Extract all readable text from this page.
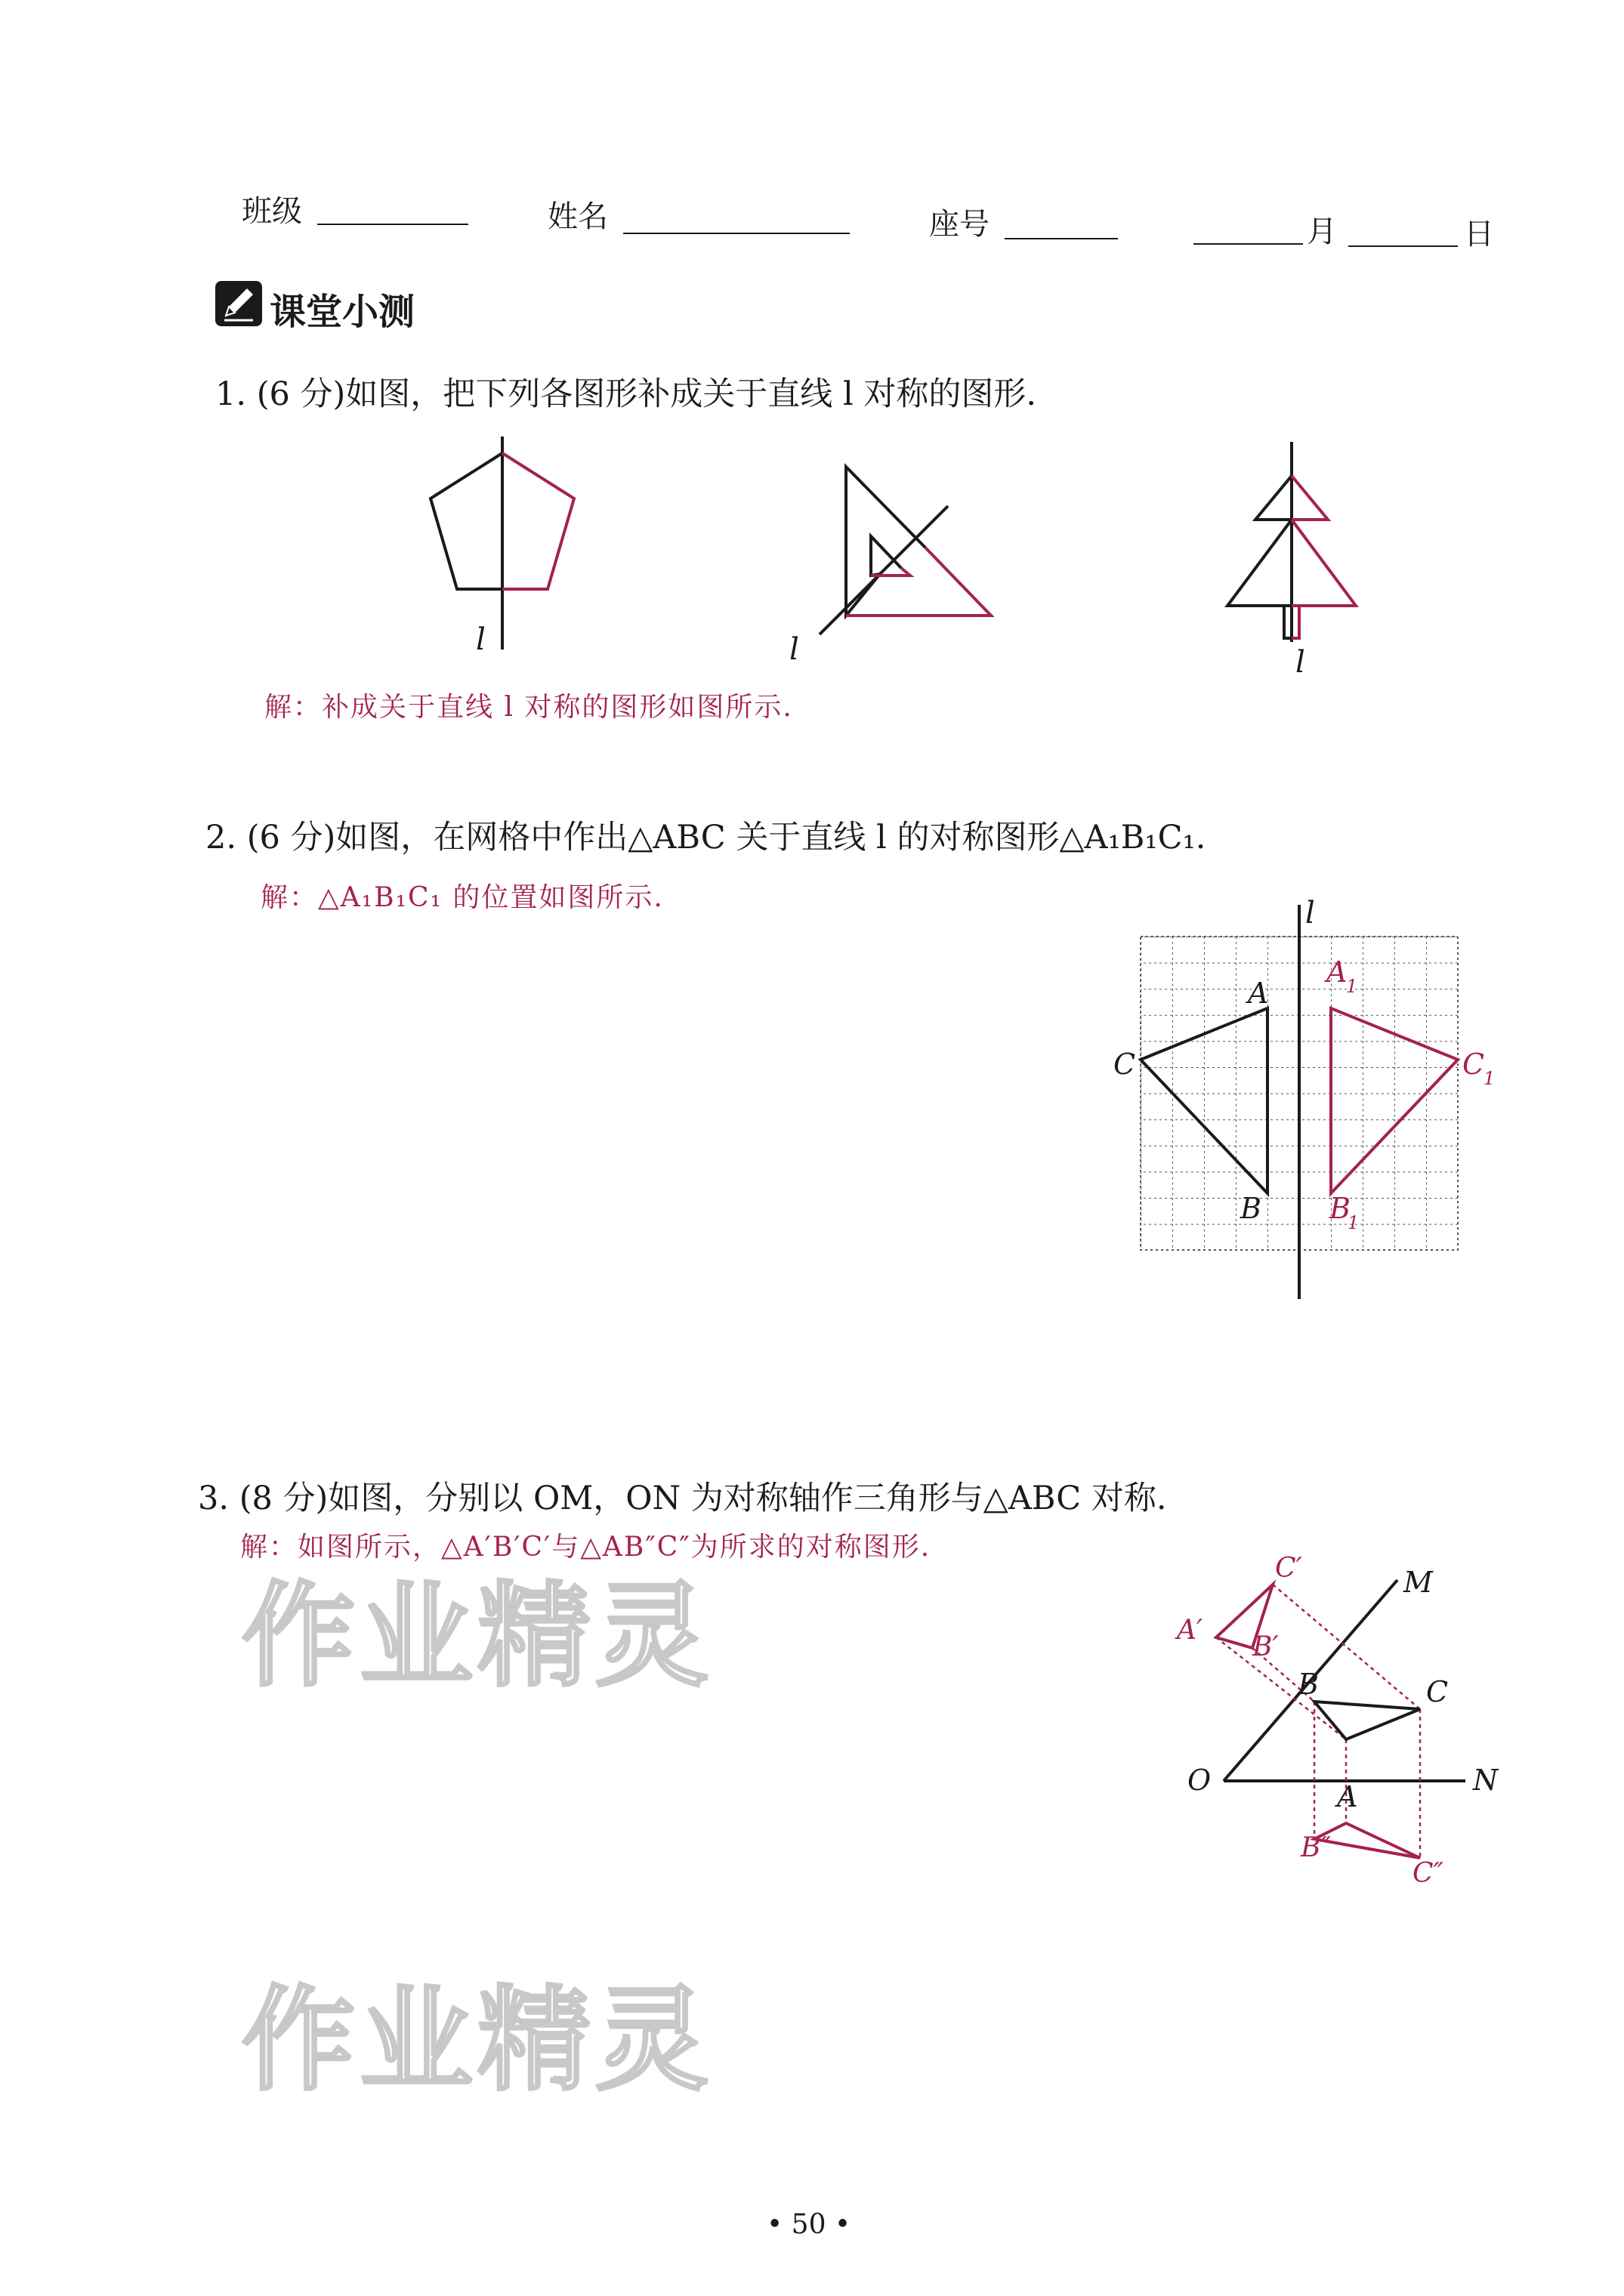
班级	姓名	座号	月	日
课堂小测
1. (6 分)如图，把下列各图形补成关于直线 l 对称的图形.
l	l	l
解：补成关于直线 l 对称的图形如图所示.
2. (6 分)如图，在网格中作出△ABC 关于直线 l 的对称图形△A₁B₁C₁.
解：△A₁B₁C₁ 的位置如图所示.	l
A
C
B
A
1
C
1
B
1
3. (8 分)如图，分别以 OM，ON 为对称轴作三角形与△ABC 对称.
解：如图所示，△A′B′C′与△AB″C″为所求的对称图形.
O
M
N
A
B	C
A′
B′
C′
B″
C″
作业精灵
作业精灵
• 50 •
